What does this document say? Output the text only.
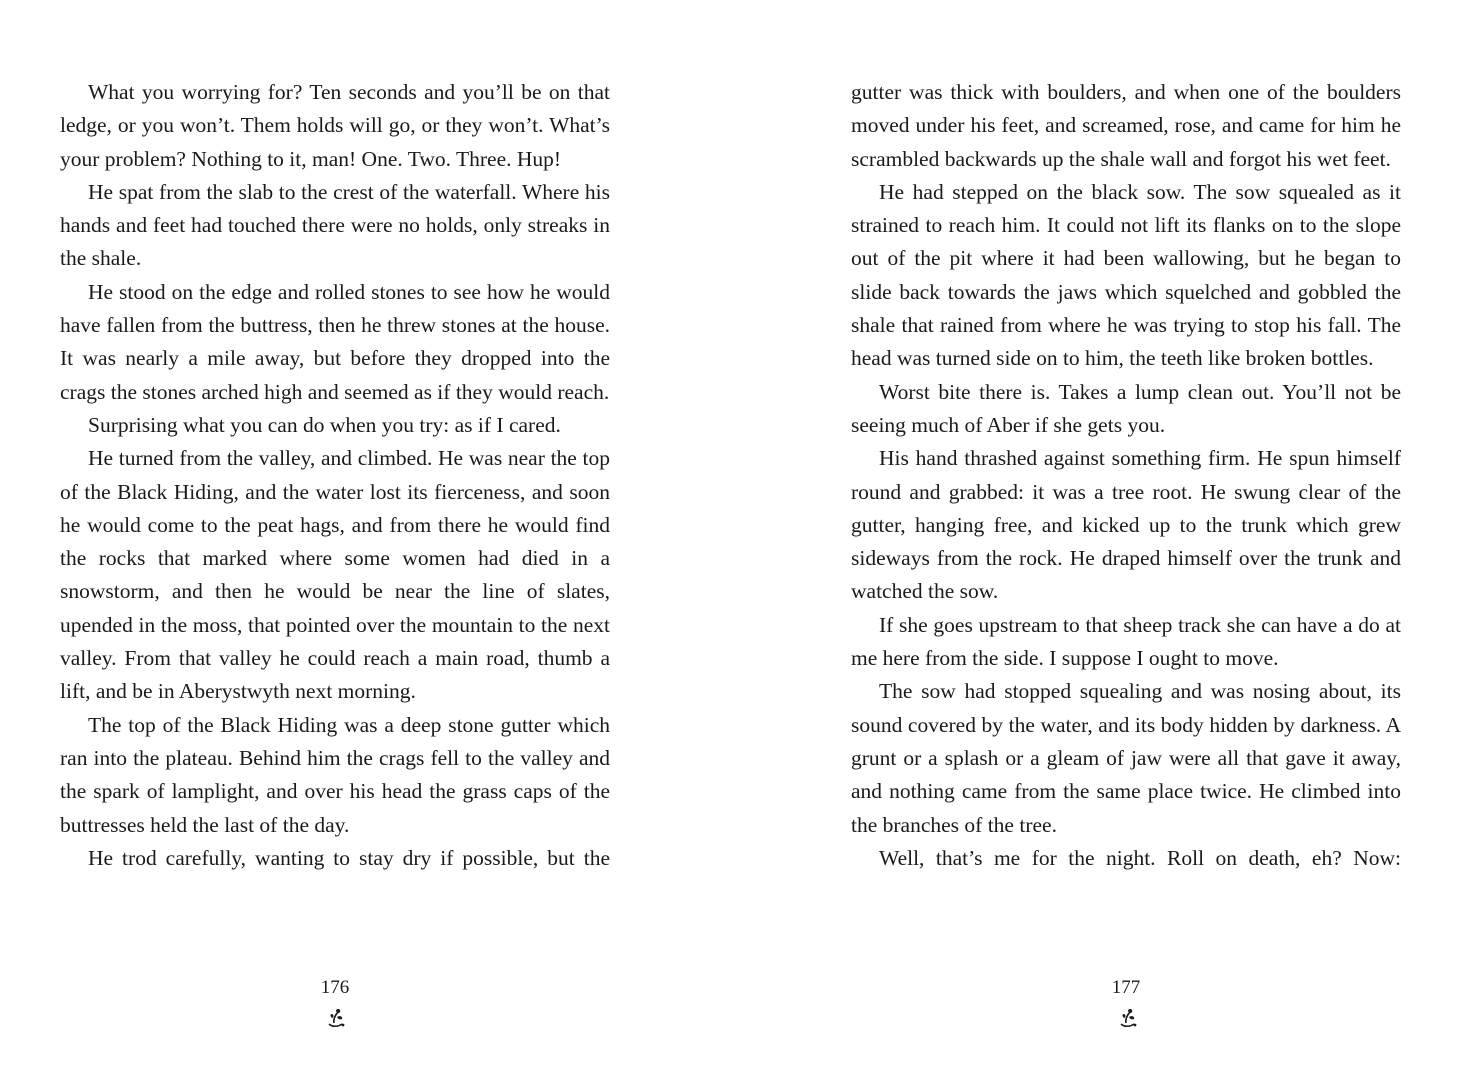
What you worrying for? Ten seconds and you’ll be on that ledge, or you won’t. Them holds will go, or they won’t. What’s your problem? Nothing to it, man! One. Two. Three. Hup!

He spat from the slab to the crest of the waterfall. Where his hands and feet had touched there were no holds, only streaks in the shale.

He stood on the edge and rolled stones to see how he would have fallen from the buttress, then he threw stones at the house. It was nearly a mile away, but before they dropped into the crags the stones arched high and seemed as if they would reach.

Surprising what you can do when you try: as if I cared.

He turned from the valley, and climbed. He was near the top of the Black Hiding, and the water lost its fierceness, and soon he would come to the peat hags, and from there he would find the rocks that marked where some women had died in a snowstorm, and then he would be near the line of slates, upended in the moss, that pointed over the mountain to the next valley. From that valley he could reach a main road, thumb a lift, and be in Aberystwyth next morning.

The top of the Black Hiding was a deep stone gutter which ran into the plateau. Behind him the crags fell to the valley and the spark of lamplight, and over his head the grass caps of the buttresses held the last of the day.

He trod carefully, wanting to stay dry if possible, but the

gutter was thick with boulders, and when one of the boulders moved under his feet, and screamed, rose, and came for him he scrambled backwards up the shale wall and forgot his wet feet.

He had stepped on the black sow. The sow squealed as it strained to reach him. It could not lift its flanks on to the slope out of the pit where it had been wallowing, but he began to slide back towards the jaws which squelched and gobbled the shale that rained from where he was trying to stop his fall. The head was turned side on to him, the teeth like broken bottles.

Worst bite there is. Takes a lump clean out. You’ll not be seeing much of Aber if she gets you.

His hand thrashed against something firm. He spun himself round and grabbed: it was a tree root. He swung clear of the gutter, hanging free, and kicked up to the trunk which grew sideways from the rock. He draped himself over the trunk and watched the sow.

If she goes upstream to that sheep track she can have a do at me here from the side. I suppose I ought to move.

The sow had stopped squealing and was nosing about, its sound covered by the water, and its body hidden by darkness. A grunt or a splash or a gleam of jaw were all that gave it away, and nothing came from the same place twice. He climbed into the branches of the tree.

Well, that’s me for the night. Roll on death, eh? Now:

176	177
